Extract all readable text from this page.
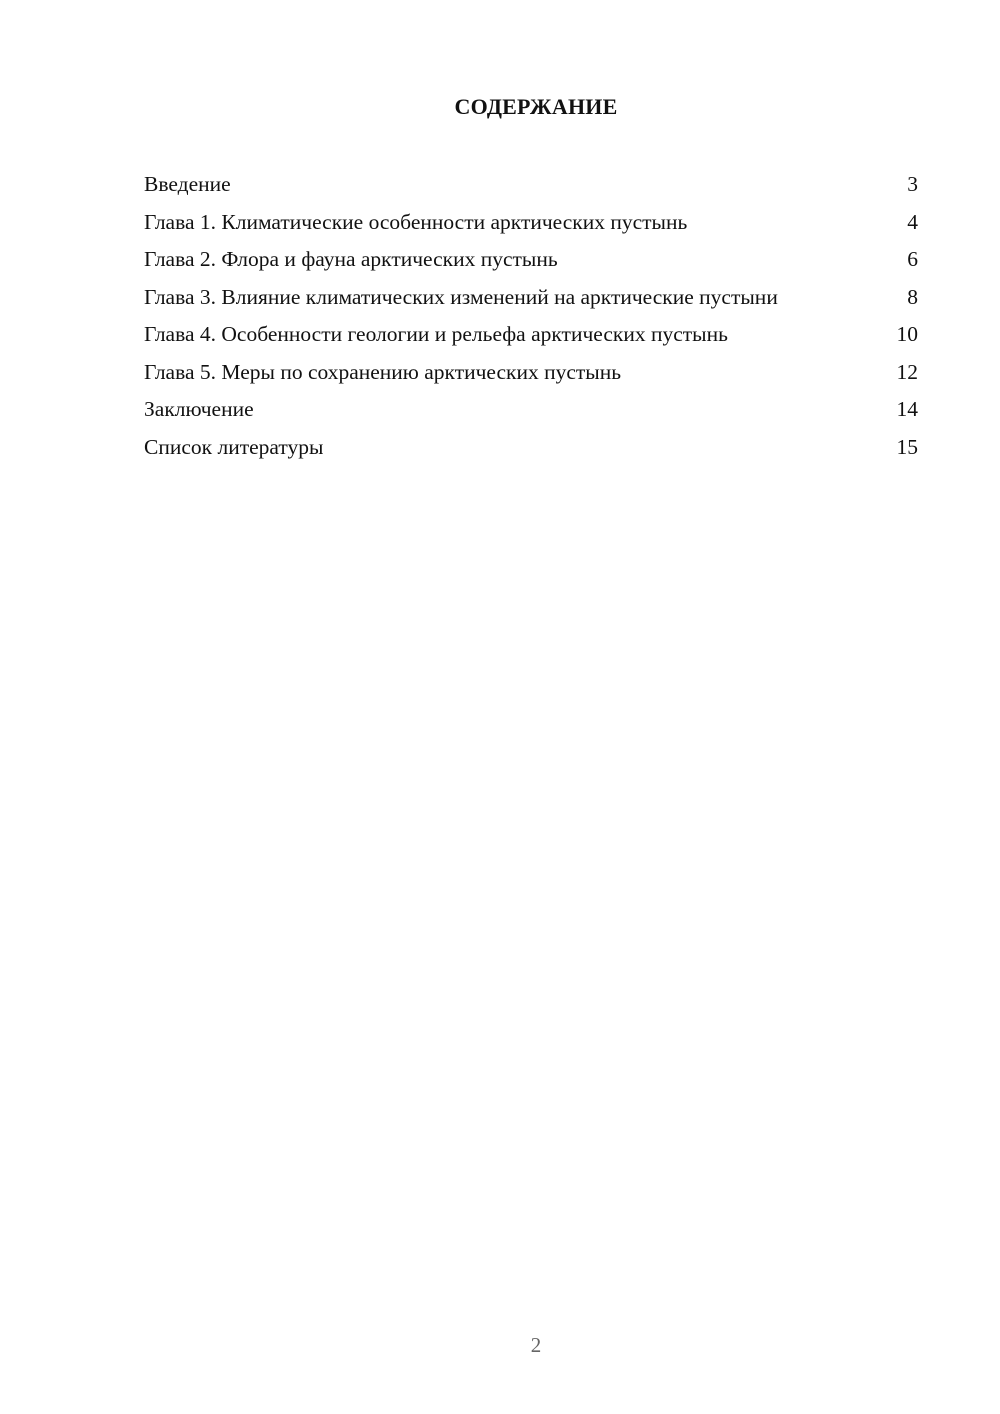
СОДЕРЖАНИЕ
Введение	3
Глава 1. Климатические особенности арктических пустынь	4
Глава 2. Флора и фауна арктических пустынь	6
Глава 3. Влияние климатических изменений на арктические пустыни	8
Глава 4. Особенности геологии и рельефа арктических пустынь	10
Глава 5. Меры по сохранению арктических пустынь	12
Заключение	14
Список литературы	15
2
